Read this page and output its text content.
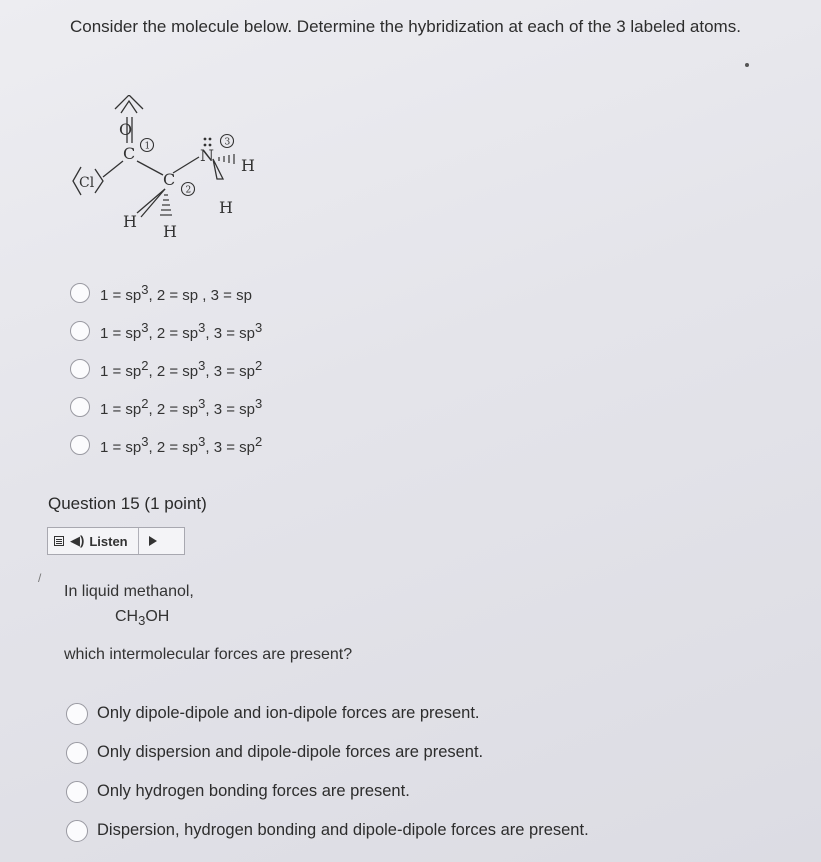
Consider the molecule below. Determine the hybridization at each of the 3 labeled atoms.
O
C
Cl	C
N
H
H
H
H
1
2
3
$1 = sp^3$, 2 = sp , 3 = sp
$1 = sp^3$, $2 = sp^3$, $3 = sp^3$
$1 = sp^2$, $2 = sp^3$, $3 = sp^2$
$1 = sp^2$, $2 = sp^3$, $3 = sp^3$
$1 = sp^3$, $2 = sp^3$, $3 = sp^2$
Question 15 (1 point)
◀) Listen
/
In liquid methanol,
$CH_3OH$
which intermolecular forces are present?
Only dipole-dipole and ion-dipole forces are present.
Only dispersion and dipole-dipole forces are present.
Only hydrogen bonding forces are present.
Dispersion, hydrogen bonding and dipole-dipole forces are present.
